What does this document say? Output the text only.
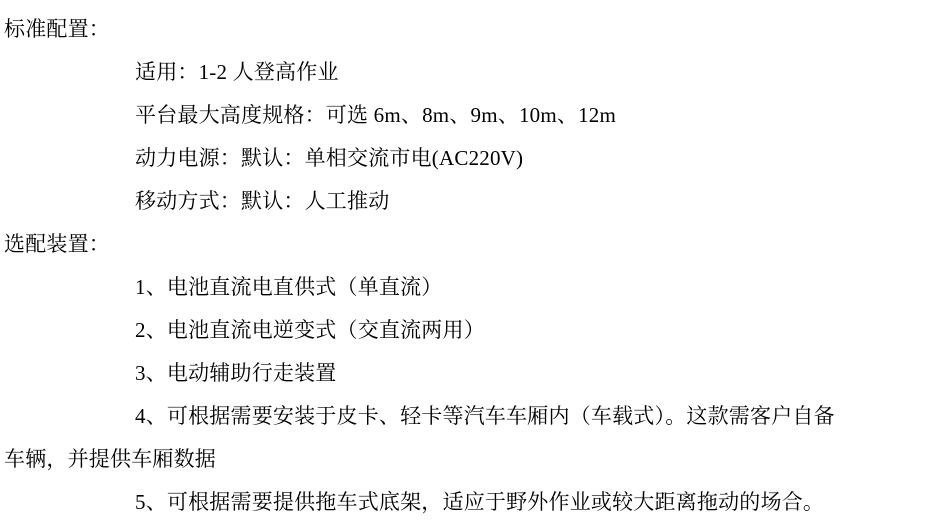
标准配置：
适用：1-2 人登高作业
平台最大高度规格：可选 6m、8m、9m、10m、12m
动力电源：默认：单相交流市电(AC220V)
移动方式：默认：人工推动
选配装置：
1、电池直流电直供式（单直流）
2、电池直流电逆变式（交直流两用）
3、电动辅助行走装置
4、可根据需要安装于皮卡、轻卡等汽车车厢内（车载式）。这款需客户自备
车辆，并提供车厢数据
5、可根据需要提供拖车式底架，适应于野外作业或较大距离拖动的场合。
